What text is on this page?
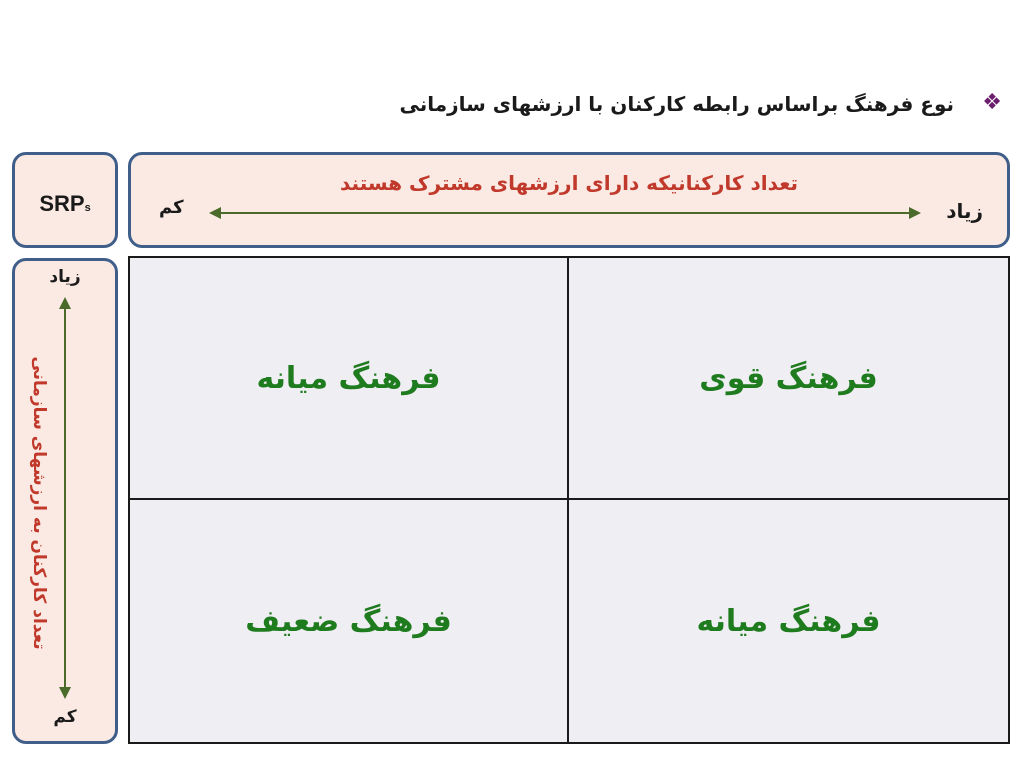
❖
نوع فرهنگ براساس رابطه کارکنان با ارزشهای سازمانی
SRPs
تعداد کارکنانیکه دارای ارزشهای مشترک هستند
زیاد
کم
زیاد
تعداد کارکنان به ارزشهای سازمانی
کم
فرهنگ میانه	فرهنگ قوی
فرهنگ ضعیف	فرهنگ میانه
